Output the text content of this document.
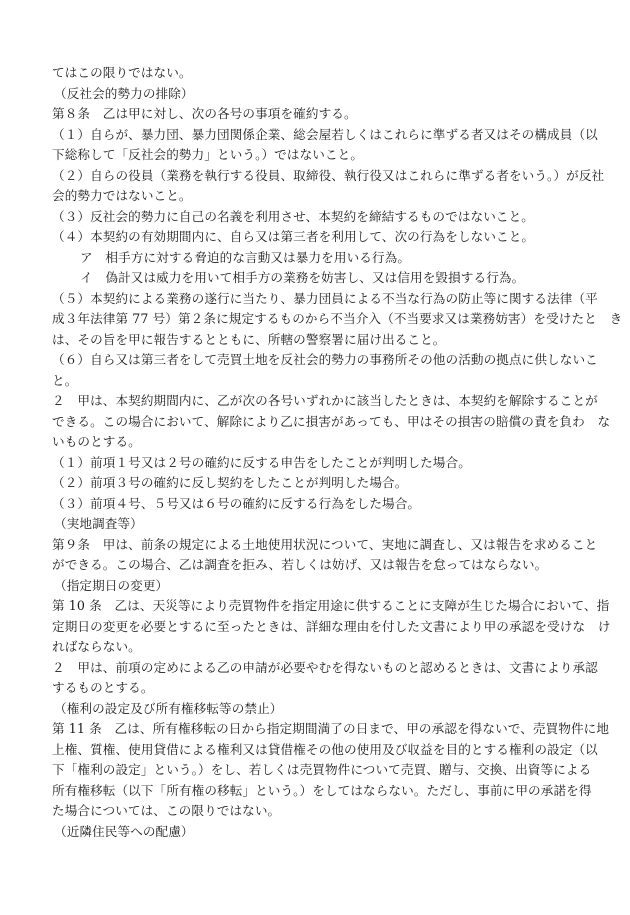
てはこの限りではない。
（反社会的勢力の排除）
第８条　乙は甲に対し、次の各号の事項を確約する。
（１）自らが、暴力団、暴力団関係企業、総会屋若しくはこれらに準ずる者又はその構成員（以
下総称して「反社会的勢力」という。）ではないこと。
（２）自らの役員（業務を執行する役員、取締役、執行役又はこれらに準ずる者をいう。）が反社
会的勢力ではないこと。
（３）反社会的勢力に自己の名義を利用させ、本契約を締結するものではないこと。
（４）本契約の有効期間内に、自ら又は第三者を利用して、次の行為をしないこと。
ア　相手方に対する脅迫的な言動又は暴力を用いる行為。
イ　偽計又は威力を用いて相手方の業務を妨害し、又は信用を毀損する行為。
（５）本契約による業務の遂行に当たり、暴力団員による不当な行為の防止等に関する法律（平
成３年法律第 77 号）第２条に規定するものから不当介入（不当要求又は業務妨害）を受けたと　き
は、その旨を甲に報告するとともに、所轄の警察署に届け出ること。
（６）自ら又は第三者をして売買土地を反社会的勢力の事務所その他の活動の拠点に供しないこ
と。
２　甲は、本契約期間内に、乙が次の各号いずれかに該当したときは、本契約を解除することが
できる。この場合において、解除により乙に損害があっても、甲はその損害の賠償の責を負わ　な
いものとする。
（１）前項１号又は２号の確約に反する申告をしたことが判明した場合。
（２）前項３号の確約に反し契約をしたことが判明した場合。
（３）前項４号、５号又は６号の確約に反する行為をした場合。
（実地調査等）
第９条　甲は、前条の規定による土地使用状況について、実地に調査し、又は報告を求めること
ができる。この場合、乙は調査を拒み、若しくは妨げ、又は報告を怠ってはならない。
（指定期日の変更）
第 10 条　乙は、天災等により売買物件を指定用途に供することに支障が生じた場合において、指
定期日の変更を必要とするに至ったときは、詳細な理由を付した文書により甲の承認を受けな　け
ればならない。
２　甲は、前項の定めによる乙の申請が必要やむを得ないものと認めるときは、文書により承認
するものとする。
（権利の設定及び所有権移転等の禁止）
第 11 条　乙は、所有権移転の日から指定期間満了の日まで、甲の承認を得ないで、売買物件に地
上権、質権、使用貸借による権利又は貸借権その他の使用及び収益を目的とする権利の設定（以
下「権利の設定」という。）をし、若しくは売買物件について売買、贈与、交換、出資等による
所有権移転（以下「所有権の移転」という。）をしてはならない。ただし、事前に甲の承諾を得
た場合については、この限りではない。
（近隣住民等への配慮）
